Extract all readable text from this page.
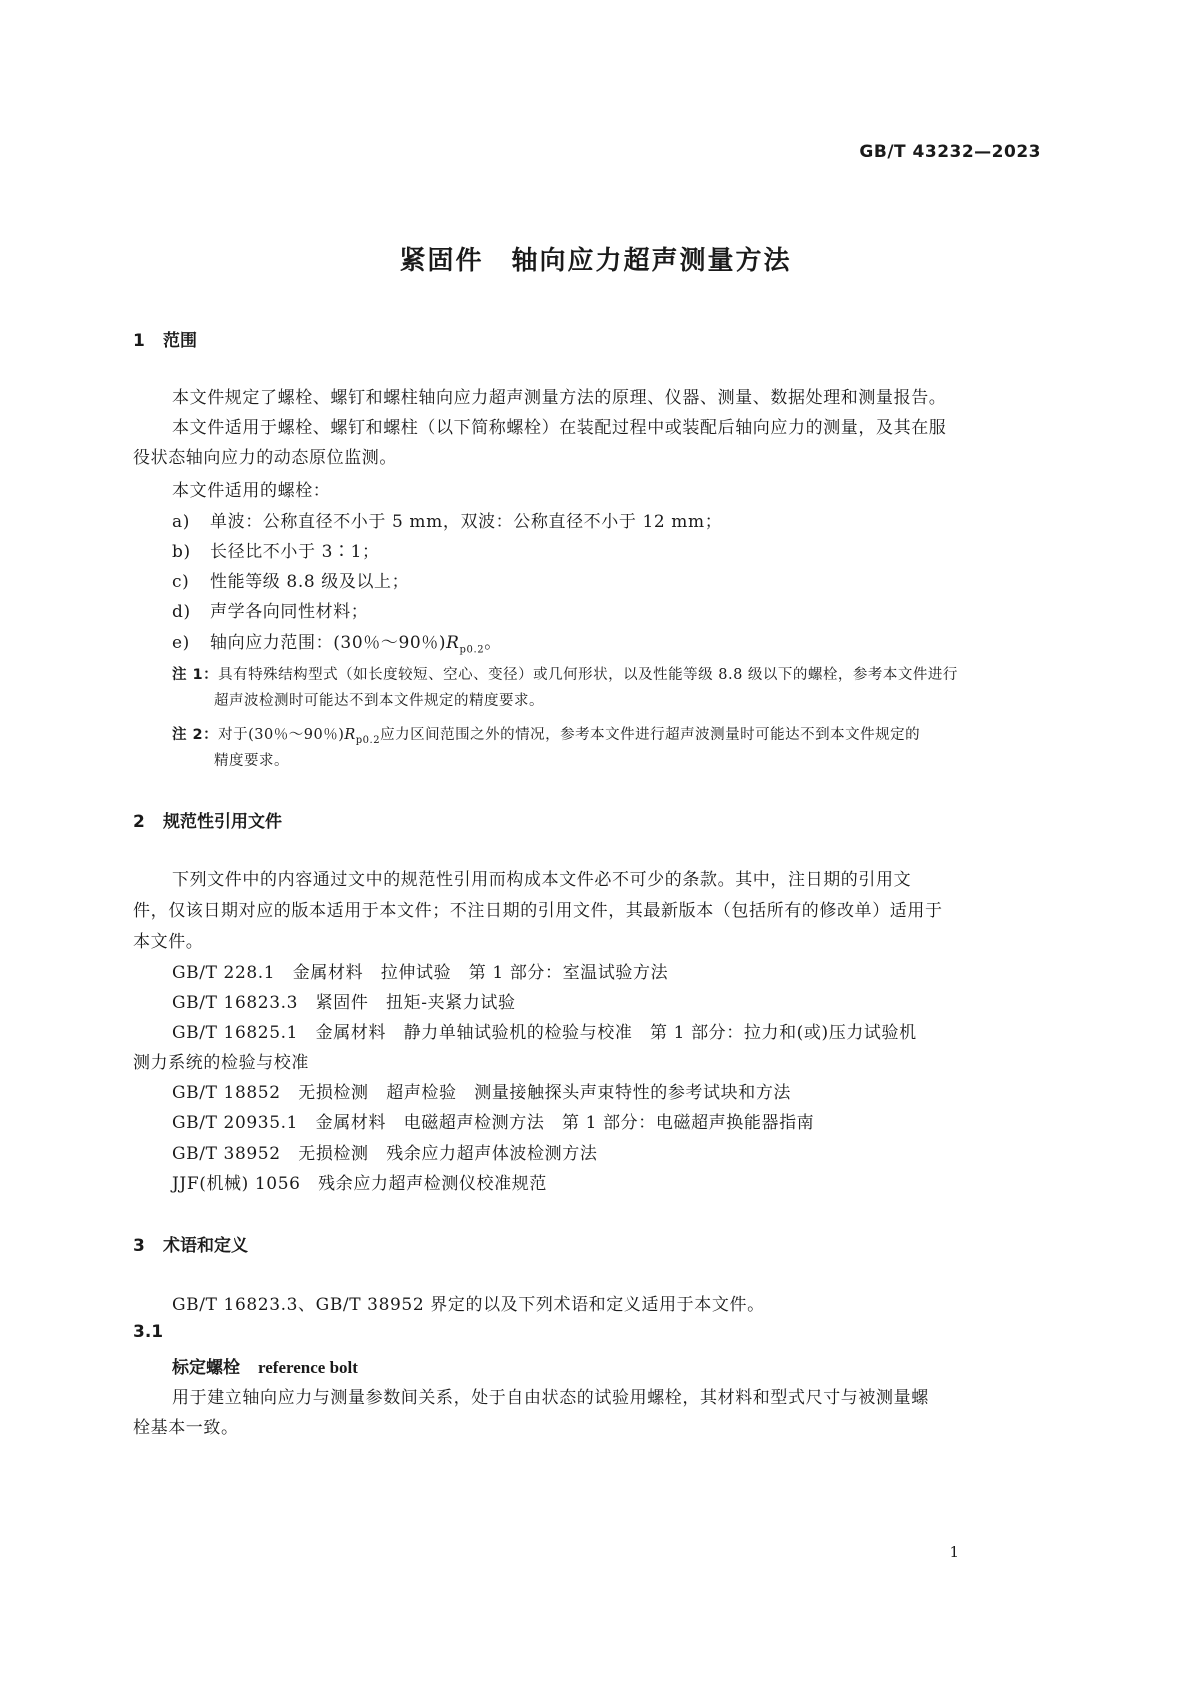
GB/T 43232—2023
紧固件　轴向应力超声测量方法
1 范围
本文件规定了螺栓、螺钉和螺柱轴向应力超声测量方法的原理、仪器、测量、数据处理和测量报告。
本文件适用于螺栓、螺钉和螺柱（以下简称螺栓）在装配过程中或装配后轴向应力的测量，及其在服
役状态轴向应力的动态原位监测。
本文件适用的螺栓：
a) 单波：公称直径不小于 5 mm，双波：公称直径不小于 12 mm；
b) 长径比不小于 3∶1；
c) 性能等级 8.8 级及以上；
d) 声学各向同性材料；
e) 轴向应力范围：(30％～90％)$R_{p0.2}$。
注 1：具有特殊结构型式（如长度较短、空心、变径）或几何形状，以及性能等级 8.8 级以下的螺栓，参考本文件进行
超声波检测时可能达不到本文件规定的精度要求。
注 2：对于(30％～90％)$R_{p0.2}$应力区间范围之外的情况，参考本文件进行超声波测量时可能达不到本文件规定的
精度要求。
2 规范性引用文件
下列文件中的内容通过文中的规范性引用而构成本文件必不可少的条款。其中，注日期的引用文
件，仅该日期对应的版本适用于本文件；不注日期的引用文件，其最新版本（包括所有的修改单）适用于
本文件。
GB/T 228.1　金属材料　拉伸试验　第 1 部分：室温试验方法
GB/T 16823.3　紧固件　扭矩-夹紧力试验
GB/T 16825.1　金属材料　静力单轴试验机的检验与校准　第 1 部分：拉力和(或)压力试验机
测力系统的检验与校准
GB/T 18852　无损检测　超声检验　测量接触探头声束特性的参考试块和方法
GB/T 20935.1　金属材料　电磁超声检测方法　第 1 部分：电磁超声换能器指南
GB/T 38952　无损检测　残余应力超声体波检测方法
JJF(机械) 1056　残余应力超声检测仪校准规范
3 术语和定义
GB/T 16823.3、GB/T 38952 界定的以及下列术语和定义适用于本文件。
3.1
标定螺栓 reference bolt
用于建立轴向应力与测量参数间关系，处于自由状态的试验用螺栓，其材料和型式尺寸与被测量螺
栓基本一致。
1
